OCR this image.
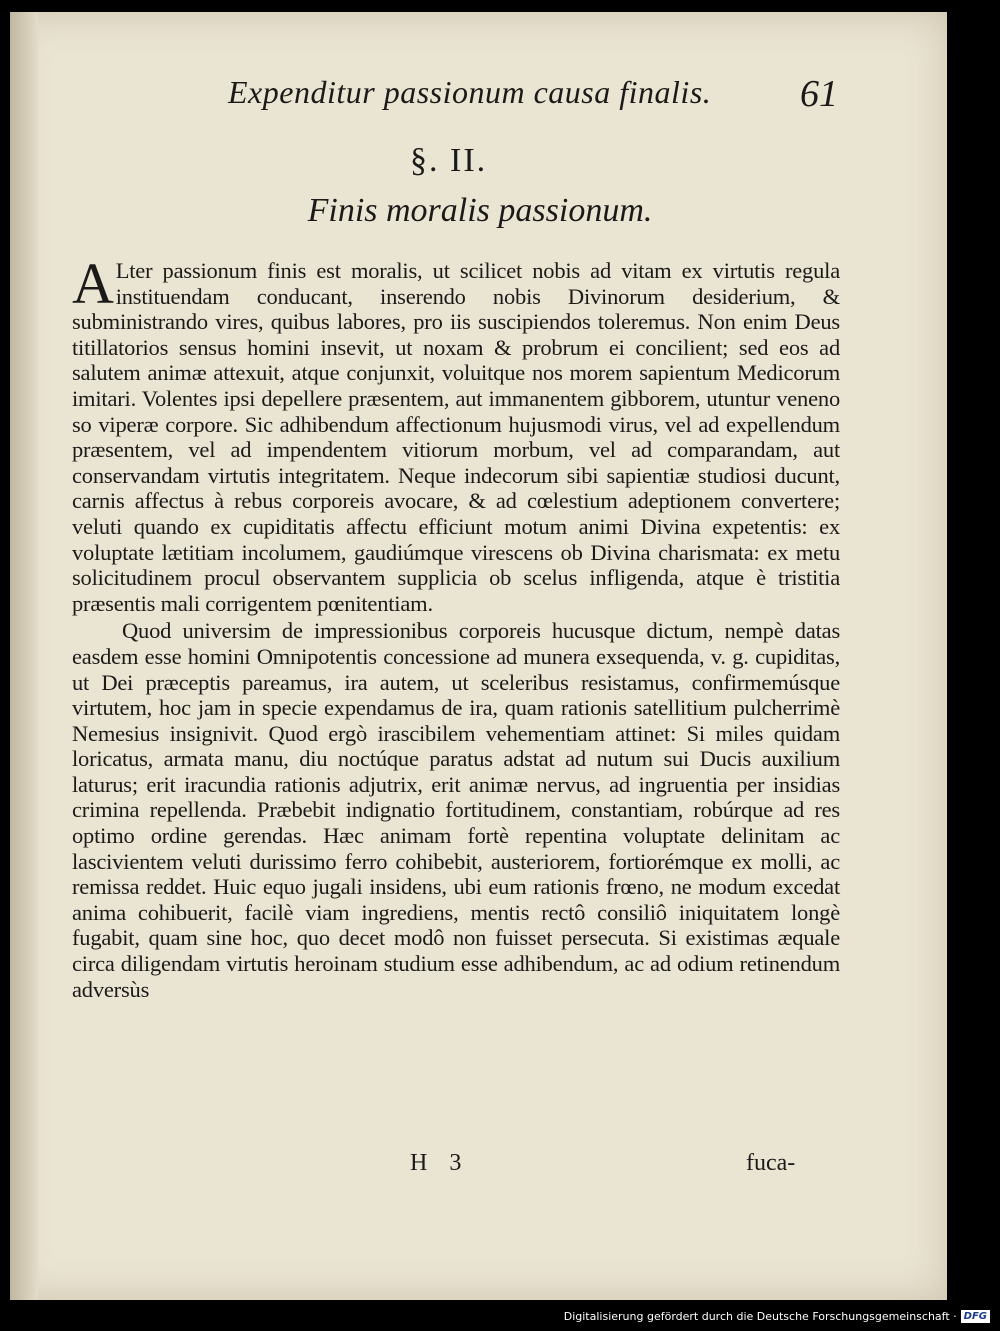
Expenditur passionum causa finalis. 61
§. II.
Finis moralis passionum.

A Lter passionum finis est moralis, ut scilicet nobis ad vitam ex virtutis regula instituendam conducant, inserendo nobis Divinorum desiderium, & subministrando vires, quibus labores, pro iis suscipiendos toleremus. Non enim Deus titillatorios sensus homini insevit, ut noxam & probrum ei concilient; sed eos ad salutem animæ attexuit, atque conjunxit, voluitque nos morem sapientum Medicorum imitari. Volentes ipsi depellere præsentem, aut immanentem gibborem, utuntur veneno so viperæ corpore. Sic adhibendum affectionum hujusmodi virus, vel ad expellendum præsentem, vel ad impendentem vitiorum morbum, vel ad comparandam, aut conservandam virtutis integritatem. Neque indecorum sibi sapientiæ studiosi ducunt, carnis affectus à rebus corporeis avocare, & ad cœlestium adeptionem convertere; veluti quando ex cupiditatis affectu efficiunt motum animi Divina expetentis: ex voluptate lætitiam incolumem, gaudiúmque virescens ob Divina charismata: ex metu solicitudinem procul observantem supplicia ob scelus infligenda, atque è tristitia præsentis mali corrigentem pœnitentiam.

Quod universim de impressionibus corporeis hucusque dictum, nempè datas easdem esse homini Omnipotentis concessione ad munera exsequenda, v. g. cupiditas, ut Dei præceptis pareamus, ira autem, ut sceleribus resistamus, confirmemúsque virtutem, hoc jam in specie expendamus de ira, quam rationis satellitium pulcherrimè Nemesius insignivit. Quod ergò irascibilem vehementiam attinet: Si miles quidam loricatus, armata manu, diu noctúque paratus adstat ad nutum sui Ducis auxilium laturus; erit iracundia rationis adjutrix, erit animæ nervus, ad ingruentia per insidias crimina repellenda. Præbebit indignatio fortitudinem, constantiam, robúrque ad res optimo ordine gerendas. Hæc animam fortè repentina voluptate delinitam ac lascivientem veluti durissimo ferro cohibebit, austeriorem, fortiorémque ex molli, ac remissa reddet. Huic equo jugali insidens, ubi eum rationis frœno, ne modum excedat anima cohibuerit, facilè viam ingrediens, mentis rectô consiliô iniquitatem longè fugabit, quam sine hoc, quo decet modô non fuisset persecuta. Si existimas æquale circa diligendam virtutis heroinam studium esse adhibendum, ac ad odium retinendum adversùs

H 3	fuca-
Digitalisierung gefördert durch die Deutsche Forschungsgemeinschaft · DFG
